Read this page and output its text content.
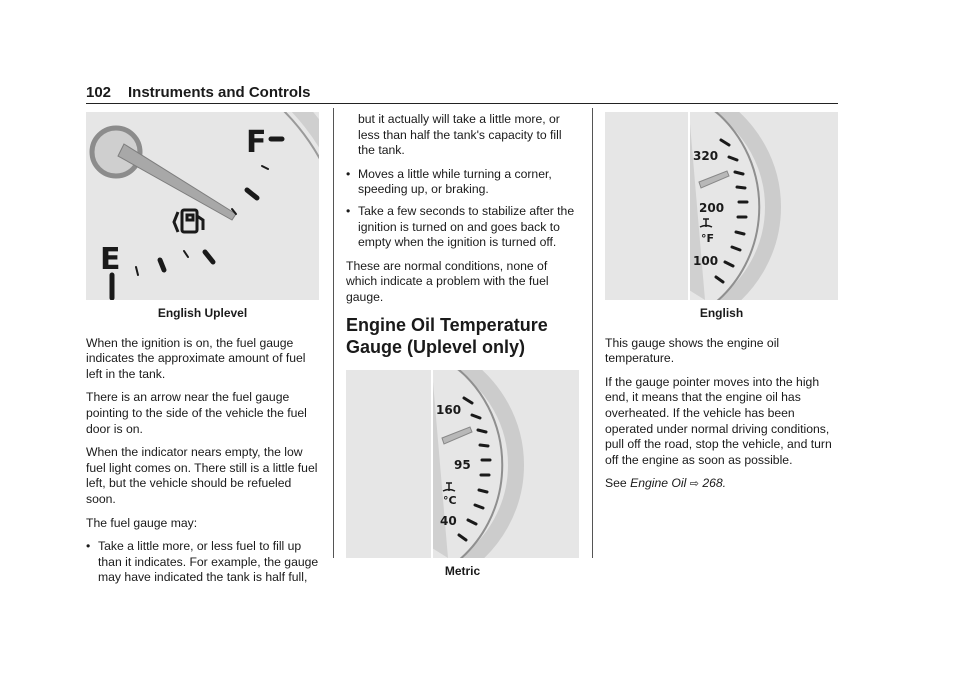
102 Instruments and Controls
F
E
English Uplevel

When the ignition is on, the fuel gauge indicates the approximate amount of fuel left in the tank.

There is an arrow near the fuel gauge pointing to the side of the vehicle the fuel door is on.

When the indicator nears empty, the low fuel light comes on. There still is a little fuel left, but the vehicle should be refueled soon.

The fuel gauge may:

• Take a little more, or less fuel to fill up than it indicates. For example, the gauge may have indicated the tank is half full,

but it actually will take a little more, or less than half the tank's capacity to fill the tank.

• Moves a little while turning a corner, speeding up, or braking.
• Take a few seconds to stabilize after the ignition is turned on and goes back to empty when the ignition is turned off.

These are normal conditions, none of which indicate a problem with the fuel gauge.

Engine Oil Temperature Gauge (Uplevel only)
160
95
°C
40
Metric
320
200
°F
100
English

This gauge shows the engine oil temperature.

If the gauge pointer moves into the high end, it means that the engine oil has overheated. If the vehicle has been operated under normal driving conditions, pull off the road, stop the vehicle, and turn off the engine as soon as possible.

See Engine Oil ⇨ 268.
